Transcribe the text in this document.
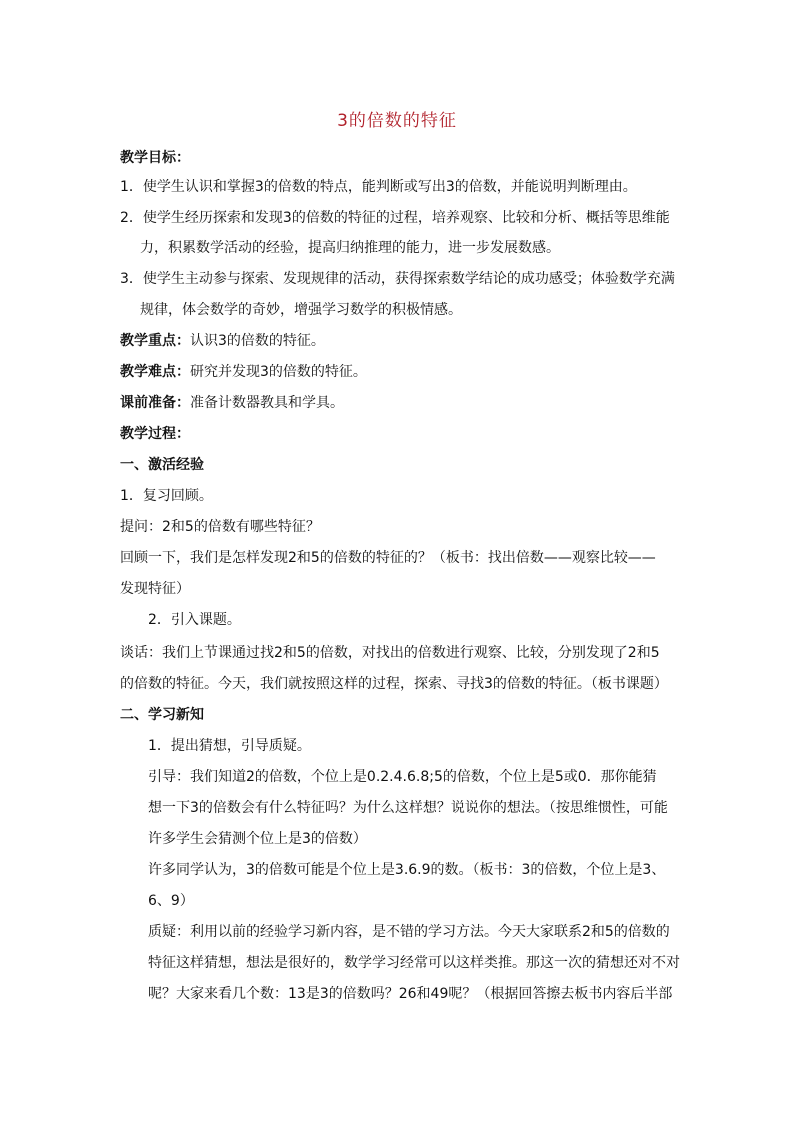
3的倍数的特征
教学目标：
1．使学生认识和掌握3的倍数的特点，能判断或写出3的倍数，并能说明判断理由。
2．使学生经历探索和发现3的倍数的特征的过程，培养观察、比较和分析、概括等思维能
力，积累数学活动的经验，提高归纳推理的能力，进一步发展数感。
3．使学生主动参与探索、发现规律的活动，获得探索数学结论的成功感受；体验数学充满
规律，体会数学的奇妙，增强学习数学的积极情感。
教学重点：认识3的倍数的特征。
教学难点：研究并发现3的倍数的特征。
课前准备：准备计数器教具和学具。
教学过程：
一、激活经验
1．复习回顾。
提问：2和5的倍数有哪些特征？
回顾一下，我们是怎样发现2和5的倍数的特征的？（板书：找出倍数——观察比较——
发现特征）
2．引入课题。
谈话：我们上节课通过找2和5的倍数，对找出的倍数进行观察、比较，分别发现了2和5
的倍数的特征。今天，我们就按照这样的过程，探索、寻找3的倍数的特征。（板书课题）
二、学习新知
1．提出猜想，引导质疑。
引导：我们知道2的倍数，个位上是0.2.4.6.8;5的倍数，个位上是5或0．那你能猜
想一下3的倍数会有什么特征吗？为什么这样想？说说你的想法。（按思维惯性，可能
许多学生会猜测个位上是3的倍数）
许多同学认为，3的倍数可能是个位上是3.6.9的数。（板书：3的倍数，个位上是3、
6、9）
质疑：利用以前的经验学习新内容，是不错的学习方法。今天大家联系2和5的倍数的
特征这样猜想，想法是很好的，数学学习经常可以这样类推。那这一次的猜想还对不对
呢？大家来看几个数：13是3的倍数吗？26和49呢？（根据回答擦去板书内容后半部
